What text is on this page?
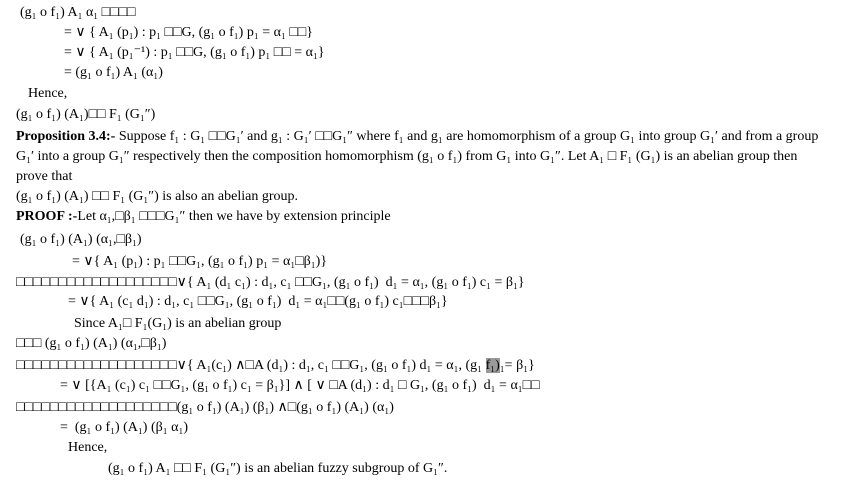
(g₁ o f₁) A₁ α₁ □□□□
= ∨ { A₁ (p₁) : p₁ □□G, (g₁ o f₁) p₁ = α₁ □□}
= ∨ { A₁ (p₁⁻¹) : p₁ □□G, (g₁ o f₁) p₁ □□ = α₁}
= (g₁ o f₁) A₁ (α₁)
Hence,
(g₁ o f₁) (A₁)□□ F₁ (G₁″)
Proposition 3.4:- Suppose f₁ : G₁ □□G₁′ and g₁ : G₁′ □□G₁″ where f₁ and g₁ are homomorphism of a group G₁ into group G₁′ and from a group G₁′ into a group G₁″ respectively then the composition homomorphism (g₁ o f₁) from G₁ into G₁″. Let A₁ □ F₁ (G₁) is an abelian group then prove that
(g₁ o f₁) (A₁) □□ F₁ (G₁″) is also an abelian group.
PROOF :-Let α₁,□β₁ □□□G₁″ then we have by extension principle
(g₁ o f₁) (A₁) (α₁,□β₁)
= ∨{ A₁ (p₁) : p₁ □□G₁, (g₁ o f₁) p₁ = α₁□β₁)}
□□□□□□□□□□□□□□□□□□□∨{ A₁ (d₁ c₁) : d₁, c₁ □□G₁, (g₁ o f₁)  d₁ = α₁, (g₁ o f₁) c₁ = β₁}
= ∨{ A₁ (c₁ d₁) : d₁, c₁ □□G₁, (g₁ o f₁)  d₁ = α₁□□(g₁ o f₁) c₁□□□β₁}
Since A₁□ F₁(G₁) is an abelian group
□□□ (g₁ o f₁) (A₁) (α₁,□β₁)
□□□□□□□□□□□□□□□□□□□∨{ A₁(c₁) ∧□A (d₁) : d₁, c₁ □□G₁, (g₁ o f₁) d₁ = α₁, (g₁ f₁)₁= β₁}
= ∨ [{A₁ (c₁) c₁ □□G₁, (g₁ o f₁) c₁ = β₁}] ∧ [ ∨ □A (d₁) : d₁ □ G₁, (g₁ o f₁)  d₁ = α₁□□
□□□□□□□□□□□□□□□□□□□(g₁ o f₁) (A₁) (β₁) ∧□(g₁ o f₁) (A₁) (α₁)
=  (g₁ o f₁) (A₁) (β₁ α₁)
Hence,
(g₁ o f₁) A₁ □□ F₁ (G₁″) is an abelian fuzzy subgroup of G₁″.
